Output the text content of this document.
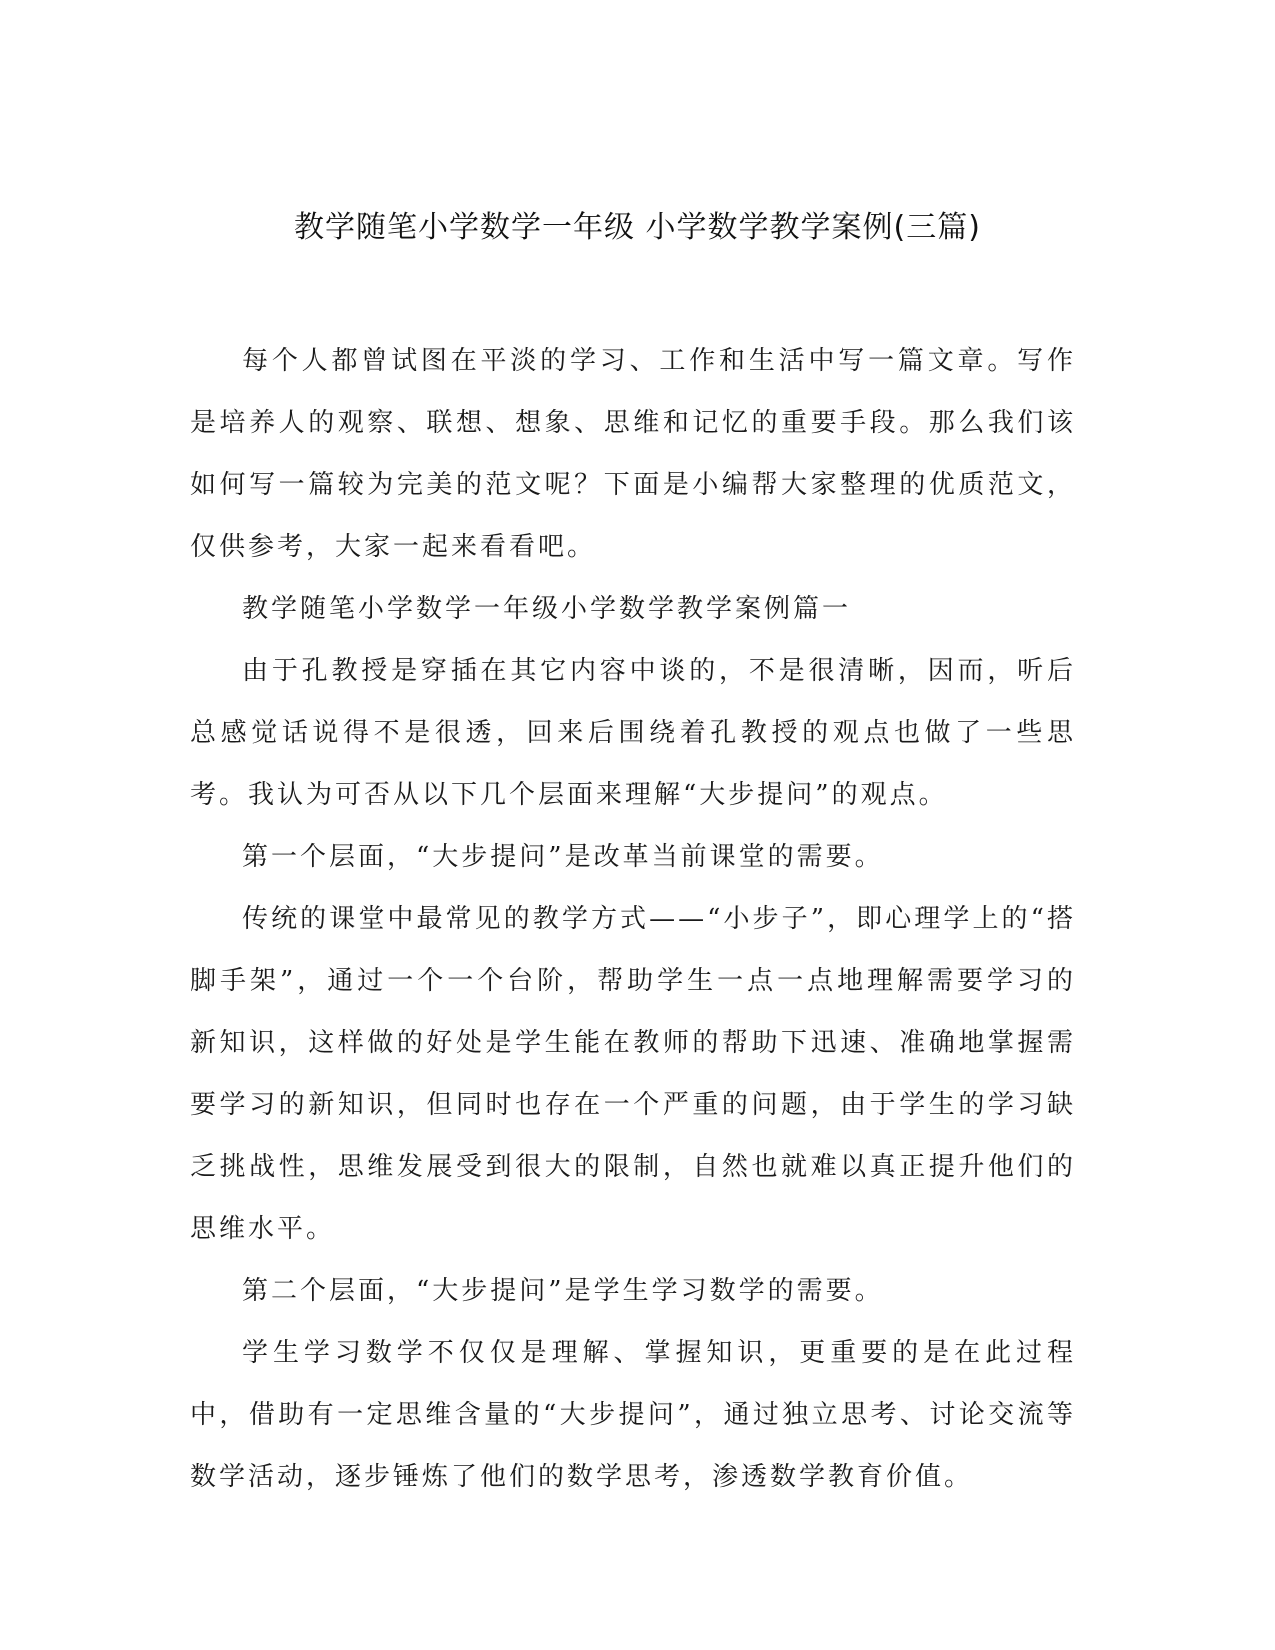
教学随笔小学数学一年级 小学数学教学案例(三篇)

每个人都曾试图在平淡的学习、工作和生活中写一篇文章。写作是培养人的观察、联想、想象、思维和记忆的重要手段。那么我们该如何写一篇较为完美的范文呢？下面是小编帮大家整理的优质范文，仅供参考，大家一起来看看吧。

教学随笔小学数学一年级小学数学教学案例篇一

由于孔教授是穿插在其它内容中谈的，不是很清晰，因而，听后总感觉话说得不是很透，回来后围绕着孔教授的观点也做了一些思考。我认为可否从以下几个层面来理解“大步提问”的观点。

第一个层面，“大步提问”是改革当前课堂的需要。

传统的课堂中最常见的教学方式——“小步子”，即心理学上的“搭脚手架”，通过一个一个台阶，帮助学生一点一点地理解需要学习的新知识，这样做的好处是学生能在教师的帮助下迅速、准确地掌握需要学习的新知识，但同时也存在一个严重的问题，由于学生的学习缺乏挑战性，思维发展受到很大的限制，自然也就难以真正提升他们的思维水平。

第二个层面，“大步提问”是学生学习数学的需要。

学生学习数学不仅仅是理解、掌握知识，更重要的是在此过程中，借助有一定思维含量的“大步提问”，通过独立思考、讨论交流等数学活动，逐步锤炼了他们的数学思考，渗透数学教育价值。
